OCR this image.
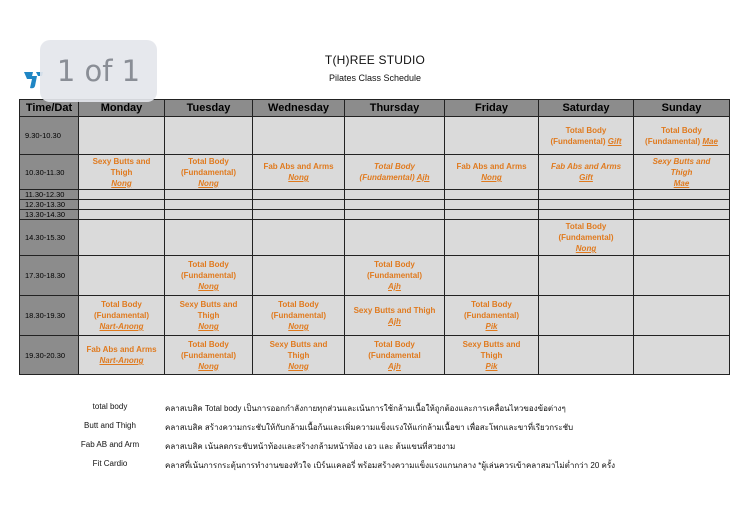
1 of 1	T(H)REE STUDIO
Pilates Class Schedule
Time/Dat	Monday	Tuesday	Wednesday	Thursday	Friday	Saturday	Sunday
9.30-10.30						Total Body
(Fundamental) Gift	Total Body
(Fundamental) Mae

10.30-11.30	Sexy Butts and
Thigh
Nong	Total Body
(Fundamental)
Nong	Fab Abs and Arms
Nong	Total Body
(Fundamental) Ajh	Fab Abs and Arms
Nong	Fab Abs and Arms
Gift	Sexy Butts and
Thigh
Mae

11.30-12.30							
12.30-13.30							
13.30-14.30							
14.30-15.30						Total Body
(Fundamental)
Nong	

17.30-18.30		Total Body
(Fundamental)
Nong		Total Body
(Fundamental)
Ajh			

18.30-19.30	Total Body
(Fundamental)
Nart-Anong	Sexy Butts and
Thigh
Nong	Total Body
(Fundamental)
Nong	Sexy Butts and Thigh
Ajh	Total Body
(Fundamental)
Pik		

19.30-20.30	Fab Abs and Arms
Nart-Anong	Total Body
(Fundamental)
Nong	Sexy Butts and
Thigh
Nong	Total Body
(Fundamental
Ajh	Sexy Butts and
Thigh
Pik		

total body	คลาสเบสิค Total body เป็นการออกกำลังกายทุกส่วนและเน้นการใช้กล้ามเนื้อให้ถูกต้องและการเคลื่อนไหวของข้อต่างๆ
Butt and Thigh	คลาสเบสิค สร้างความกระชับให้กับกล้ามเนื้อก้นและเพิ่มความแข็งแรงให้แก่กล้ามเนื้อขา เพื่อสะโพกและขาที่เรียวกระชับ
Fab AB and Arm	คลาสเบสิค เน้นลดกระชับหน้าท้องและสร้างกล้ามหน้าท้อง เอว และ ต้นแขนที่สวยงาม
Fit Cardio	คลาสที่เน้นการกระตุ้นการทำงานของหัวใจ เบิร์นแคลอรี่ พร้อมสร้างความแข็งแรงแกนกลาง *ผู้เล่นควรเข้าคลาสมาไม่ต่ำกว่า 20 ครั้ง
